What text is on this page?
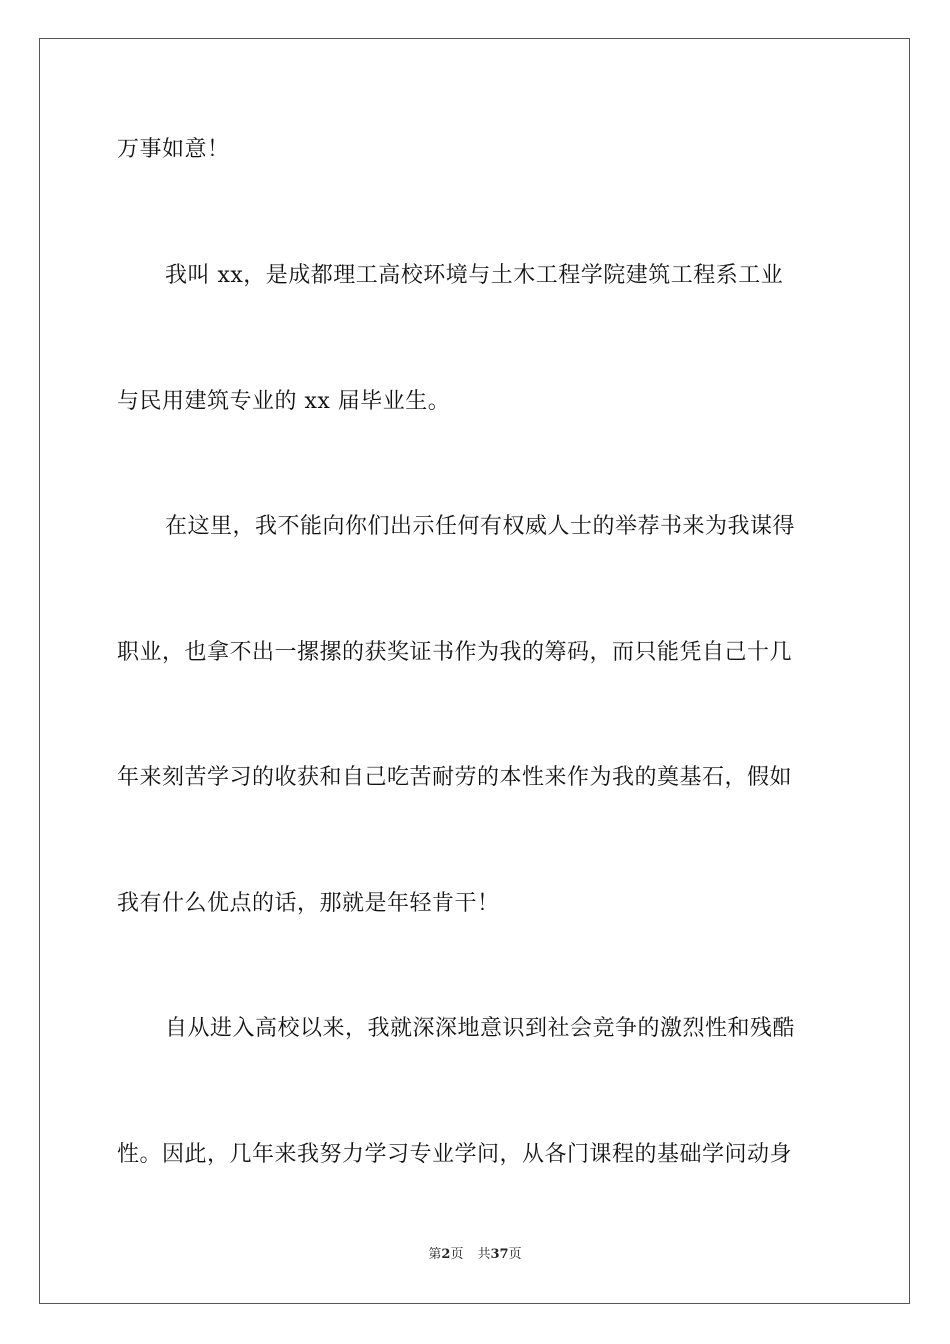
万事如意！
我叫 xx，是成都理工高校环境与土木工程学院建筑工程系工业
与民用建筑专业的 xx 届毕业生。
在这里，我不能向你们出示任何有权威人士的举荐书来为我谋得
职业，也拿不出一摞摞的获奖证书作为我的筹码，而只能凭自己十几
年来刻苦学习的收获和自己吃苦耐劳的本性来作为我的奠基石，假如
我有什么优点的话，那就是年轻肯干！
自从进入高校以来，我就深深地意识到社会竞争的激烈性和残酷
性。因此，几年来我努力学习专业学问，从各门课程的基础学问动身
第2页 共37页
